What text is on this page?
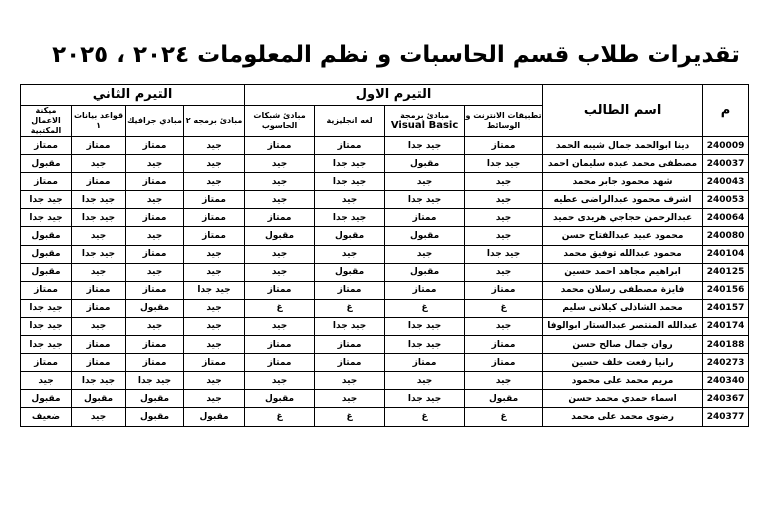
تقديرات طلاب قسم الحاسبات و نظم المعلومات ٢٠٢٤ ، ٢٠٢٥
م	اسم الطالب	التيرم الاول				التيرم الثاني			
		تطبيقات الانترنت و الوسائط	مبادئ برمجة
Visual Basic	لغه انجليزية	مبادئ شبكات الحاسوب	مبادئ برمجه ٢	مبادي جرافيك	قواعد بيانات ١	ميكنة الاعمال المكتبية
240009	دينا ابوالحمد جمال شيبه الحمد	ممتاز	جيد جدا	ممتاز	ممتاز	جيد	ممتاز	ممتاز	ممتاز
240037	مصطفى محمد عبده سليمان احمد	جيد جدا	مقبول	جيد جدا	جيد	جيد	جيد	جيد	مقبول
240043	شهد محمود جابر محمد	جيد	جيد	جيد جدا	جيد	جيد	ممتاز	ممتاز	ممتاز
240053	اشرف محمود عبدالراضى عطيه	جيد	جيد جدا	جيد	جيد	ممتاز	جيد	جيد جدا	جيد جدا
240064	عبدالرحمن حجاجي هريدى حميد	جيد	ممتاز	جيد جدا	ممتاز	ممتاز	ممتاز	جيد جدا	جيد جدا
240080	محمود عبيد عبدالفتاح حسن	جيد	مقبول	مقبول	مقبول	ممتاز	جيد	جيد	مقبول
240104	محمود عبدالله توفيق محمد	جيد جدا	جيد	جيد	جيد	جيد	ممتاز	جيد جدا	مقبول
240125	ابراهيم مجاهد احمد حسين	جيد	مقبول	مقبول	جيد	جيد	جيد	جيد	مقبول
240156	فايزة مصطفى رسلان محمد	ممتاز	ممتاز	ممتاز	ممتاز	جيد جدا	ممتاز	ممتاز	ممتاز
240157	محمد الشاذلى كيلانى سليم	غ	غ	غ	غ	جيد	مقبول	ممتاز	جيد جدا
240174	عبدالله المنتصر عبدالستار ابوالوفا	جيد	جيد جدا	جيد جدا	جيد	جيد	جيد	جيد	جيد جدا
240188	روان جمال صالح حسن	ممتاز	جيد جدا	ممتاز	ممتاز	جيد	ممتاز	ممتاز	جيد جدا
240273	رانيا رفعت خلف حسين	ممتاز	ممتاز	ممتاز	ممتاز	ممتاز	ممتاز	ممتاز	ممتاز
240340	مريم محمد على محمود	جيد	جيد	جيد	جيد	جيد	جيد جدا	جيد جدا	جيد
240367	اسماء حمدي محمد حسن	مقبول	جيد جدا	جيد	مقبول	جيد	مقبول	مقبول	مقبول
240377	رضوى محمد على محمد	غ	غ	غ	غ	مقبول	مقبول	جيد	ضعيف
